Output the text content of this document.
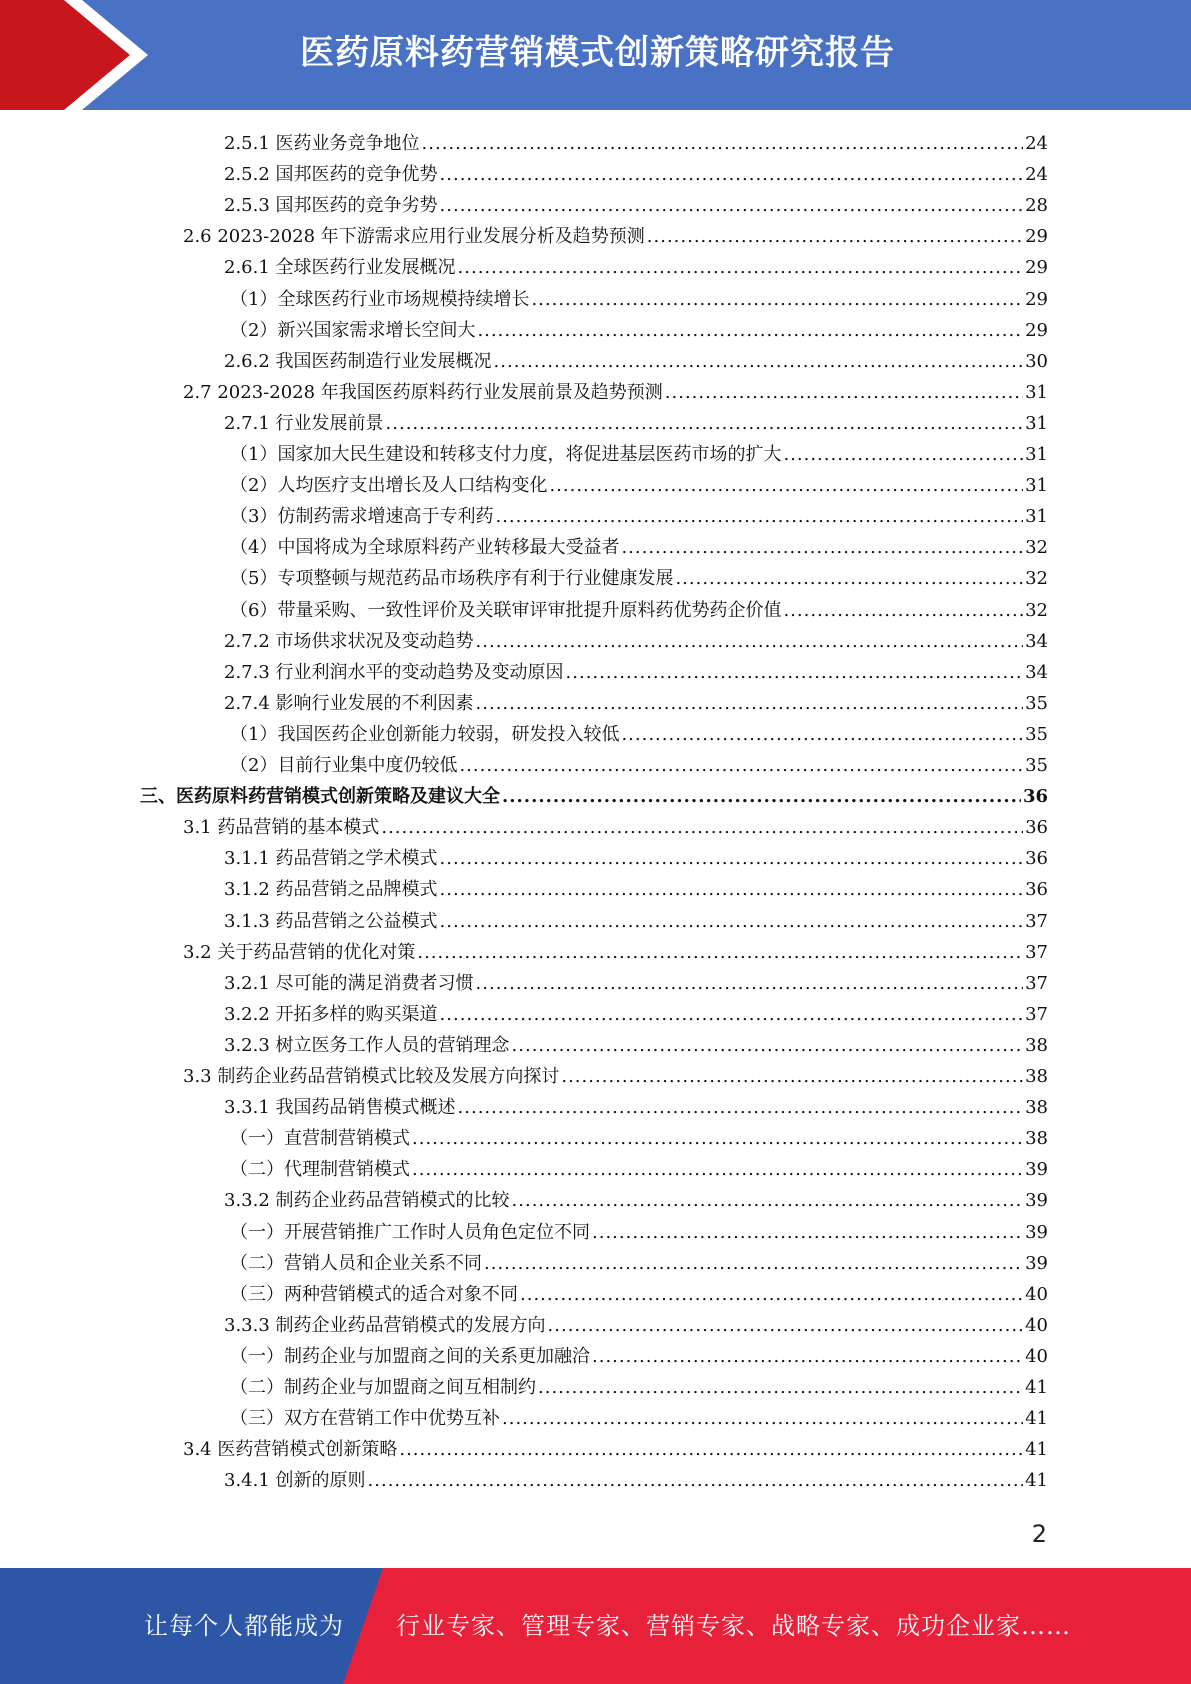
医药原料药营销模式创新策略研究报告
2.5.1 医药业务竞争地位 .....	24
2.5.2 国邦医药的竞争优势 .....	24
2.5.3 国邦医药的竞争劣势 .....	28
2.6 2023-2028 年下游需求应用行业发展分析及趋势预测 .....	29
2.6.1 全球医药行业发展概况 .....	29
（1）全球医药行业市场规模持续增长 .....	29
（2）新兴国家需求增长空间大 .....	29
2.6.2 我国医药制造行业发展概况 .....	30
2.7 2023-2028 年我国医药原料药行业发展前景及趋势预测 .....	31
2.7.1 行业发展前景 .....	31
（1）国家加大民生建设和转移支付力度，将促进基层医药市场的扩大 .....	31
（2）人均医疗支出增长及人口结构变化 .....	31
（3）仿制药需求增速高于专利药 .....	31
（4）中国将成为全球原料药产业转移最大受益者 .....	32
（5）专项整顿与规范药品市场秩序有利于行业健康发展 .....	32
（6）带量采购、一致性评价及关联审评审批提升原料药优势药企价值 .....	32
2.7.2 市场供求状况及变动趋势 .....	34
2.7.3 行业利润水平的变动趋势及变动原因 .....	34
2.7.4 影响行业发展的不利因素 .....	35
（1）我国医药企业创新能力较弱，研发投入较低 .....	35
（2）目前行业集中度仍较低 .....	35
三、医药原料药营销模式创新策略及建议大全 .....	36
3.1 药品营销的基本模式 .....	36
3.1.1 药品营销之学术模式 .....	36
3.1.2 药品营销之品牌模式 .....	36
3.1.3 药品营销之公益模式 .....	37
3.2 关于药品营销的优化对策 .....	37
3.2.1 尽可能的满足消费者习惯 .....	37
3.2.2 开拓多样的购买渠道 .....	37
3.2.3 树立医务工作人员的营销理念 .....	38
3.3 制药企业药品营销模式比较及发展方向探讨 .....	38
3.3.1 我国药品销售模式概述 .....	38
（一）直营制营销模式 .....	38
（二）代理制营销模式 .....	39
3.3.2 制药企业药品营销模式的比较 .....	39
（一）开展营销推广工作时人员角色定位不同 .....	39
（二）营销人员和企业关系不同 .....	39
（三）两种营销模式的适合对象不同 .....	40
3.3.3 制药企业药品营销模式的发展方向 .....	40
（一）制药企业与加盟商之间的关系更加融洽 .....	40
（二）制药企业与加盟商之间互相制约 .....	41
（三）双方在营销工作中优势互补 .....	41
3.4 医药营销模式创新策略 .....	41
3.4.1 创新的原则 .....	41
2
让每个人都能成为 行业专家、管理专家、营销专家、战略专家、成功企业家……
